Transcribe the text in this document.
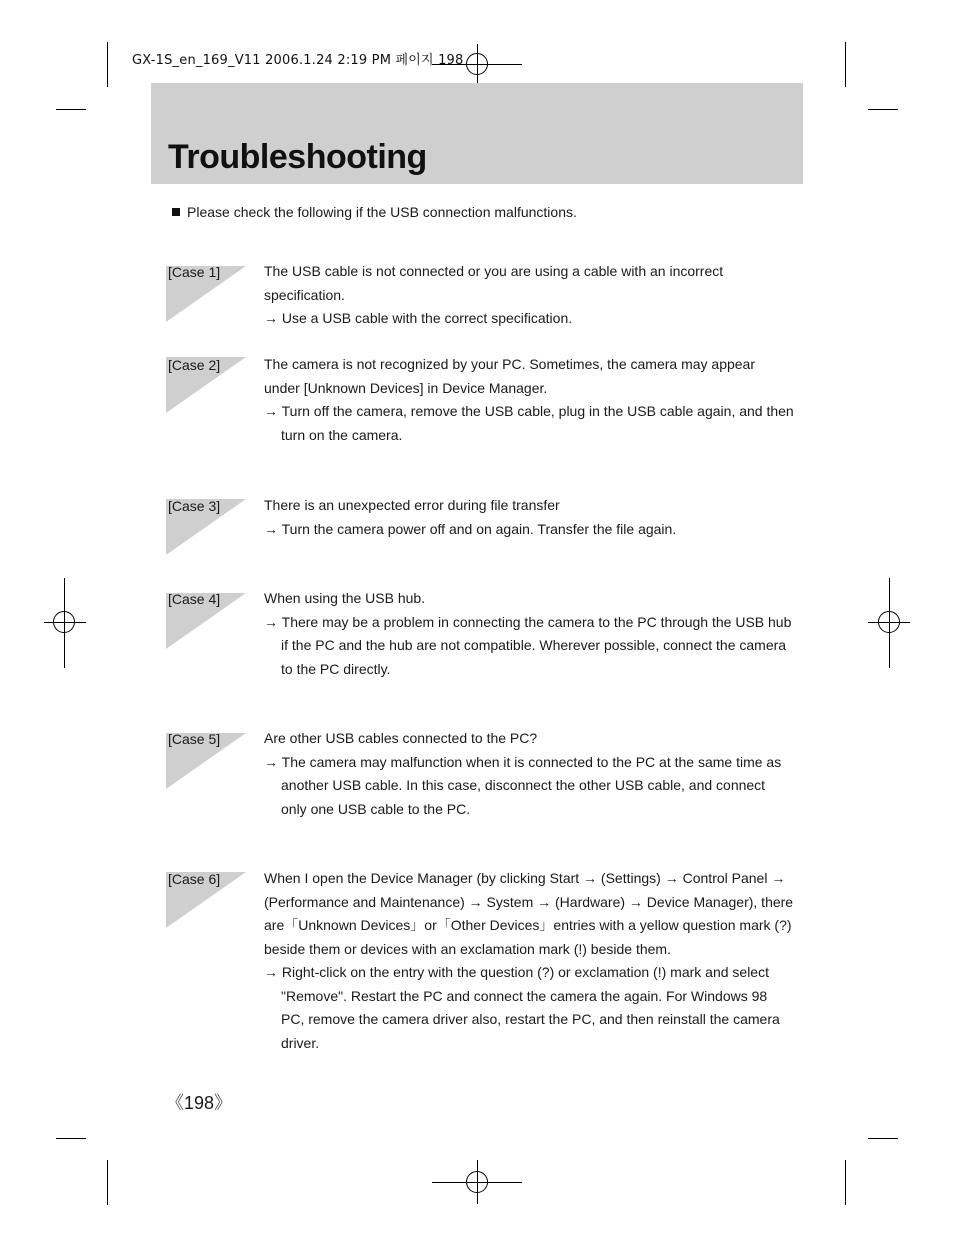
GX-1S_en_169_V11 2006.1.24 2:19 PM 페이지 198
Troubleshooting
Please check the following if the USB connection malfunctions.
[Case 1]	The USB cable is not connected or you are using a cable with an incorrect specification.

→ Use a USB cable with the correct specification.

[Case 2]	The camera is not recognized by your PC. Sometimes, the camera may appear under [Unknown Devices] in Device Manager.

→ Turn off the camera, remove the USB cable, plug in the USB cable again, and then turn on the camera.

[Case 3]	There is an unexpected error during file transfer

→ Turn the camera power off and on again. Transfer the file again.

[Case 4]	When using the USB hub.

→ There may be a problem in connecting the camera to the PC through the USB hub if the PC and the hub are not compatible. Wherever possible, connect the camera to the PC directly.

[Case 5]	Are other USB cables connected to the PC?

→ The camera may malfunction when it is connected to the PC at the same time as another USB cable. In this case, disconnect the other USB cable, and connect only one USB cable to the PC.

[Case 6]	When I open the Device Manager (by clicking Start → (Settings) → Control Panel → (Performance and Maintenance) → System → (Hardware) → Device Manager), there are「Unknown Devices」or「Other Devices」entries with a yellow question mark (?) beside them or devices with an exclamation mark (!) beside them.

→ Right-click on the entry with the question (?) or exclamation (!) mark and select "Remove". Restart the PC and connect the camera the again. For Windows 98 PC, remove the camera driver also, restart the PC, and then reinstall the camera driver.

《198》
